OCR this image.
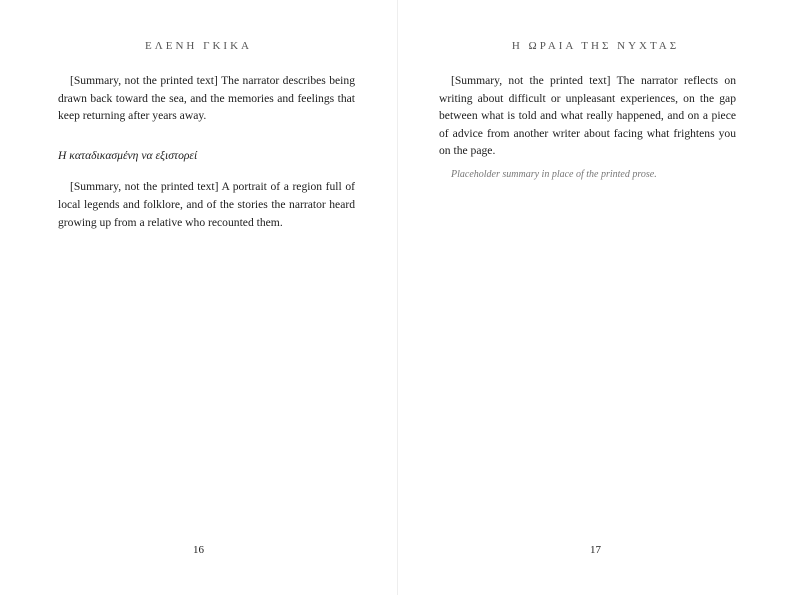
ΕΛΕΝΗ ΓΚΙΚΑ

[Summary, not the printed text] The narrator describes being drawn back toward the sea, and the memories and feelings that keep returning after years away.

Η καταδικασμένη να εξιστορεί

[Summary, not the printed text] A portrait of a region full of local legends and folklore, and of the stories the narrator heard growing up from a relative who recounted them.

16
Η ΩΡΑΙΑ ΤΗΣ ΝΥΧΤΑΣ

[Summary, not the printed text] The narrator reflects on writing about difficult or unpleasant experiences, on the gap between what is told and what really happened, and on a piece of advice from another writer about facing what frightens you on the page.

Placeholder summary in place of the printed prose.

17
